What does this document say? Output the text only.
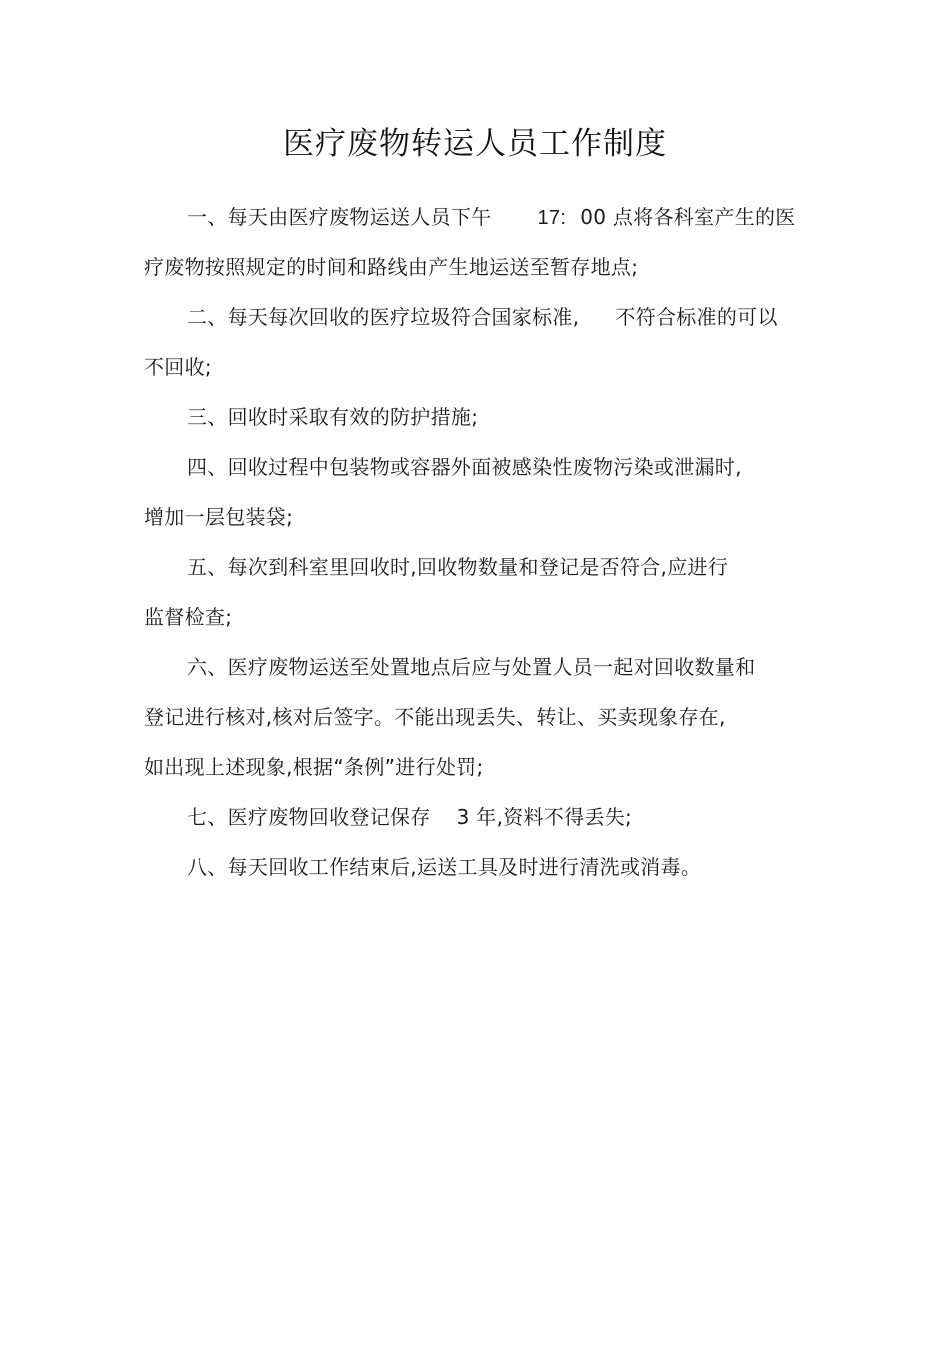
医疗废物转运人员工作制度
一、每天由医疗废物运送人员下午 17: 00 点将各科室产生的医
疗废物按照规定的时间和路线由产生地运送至暂存地点;
二、每天每次回收的医疗垃圾符合国家标准, 不符合标准的可以
不回收;
三、回收时采取有效的防护措施;
四、回收过程中包装物或容器外面被感染性废物污染或泄漏时,
增加一层包装袋;
五、每次到科室里回收时,回收物数量和登记是否符合,应进行
监督检查;
六、医疗废物运送至处置地点后应与处置人员一起对回收数量和
登记进行核对,核对后签字。不能出现丢失、转让、买卖现象存在,
如出现上述现象,根据“条例”进行处罚;
七、医疗废物回收登记保存 3 年,资料不得丢失;
八、每天回收工作结束后,运送工具及时进行清洗或消毒。
